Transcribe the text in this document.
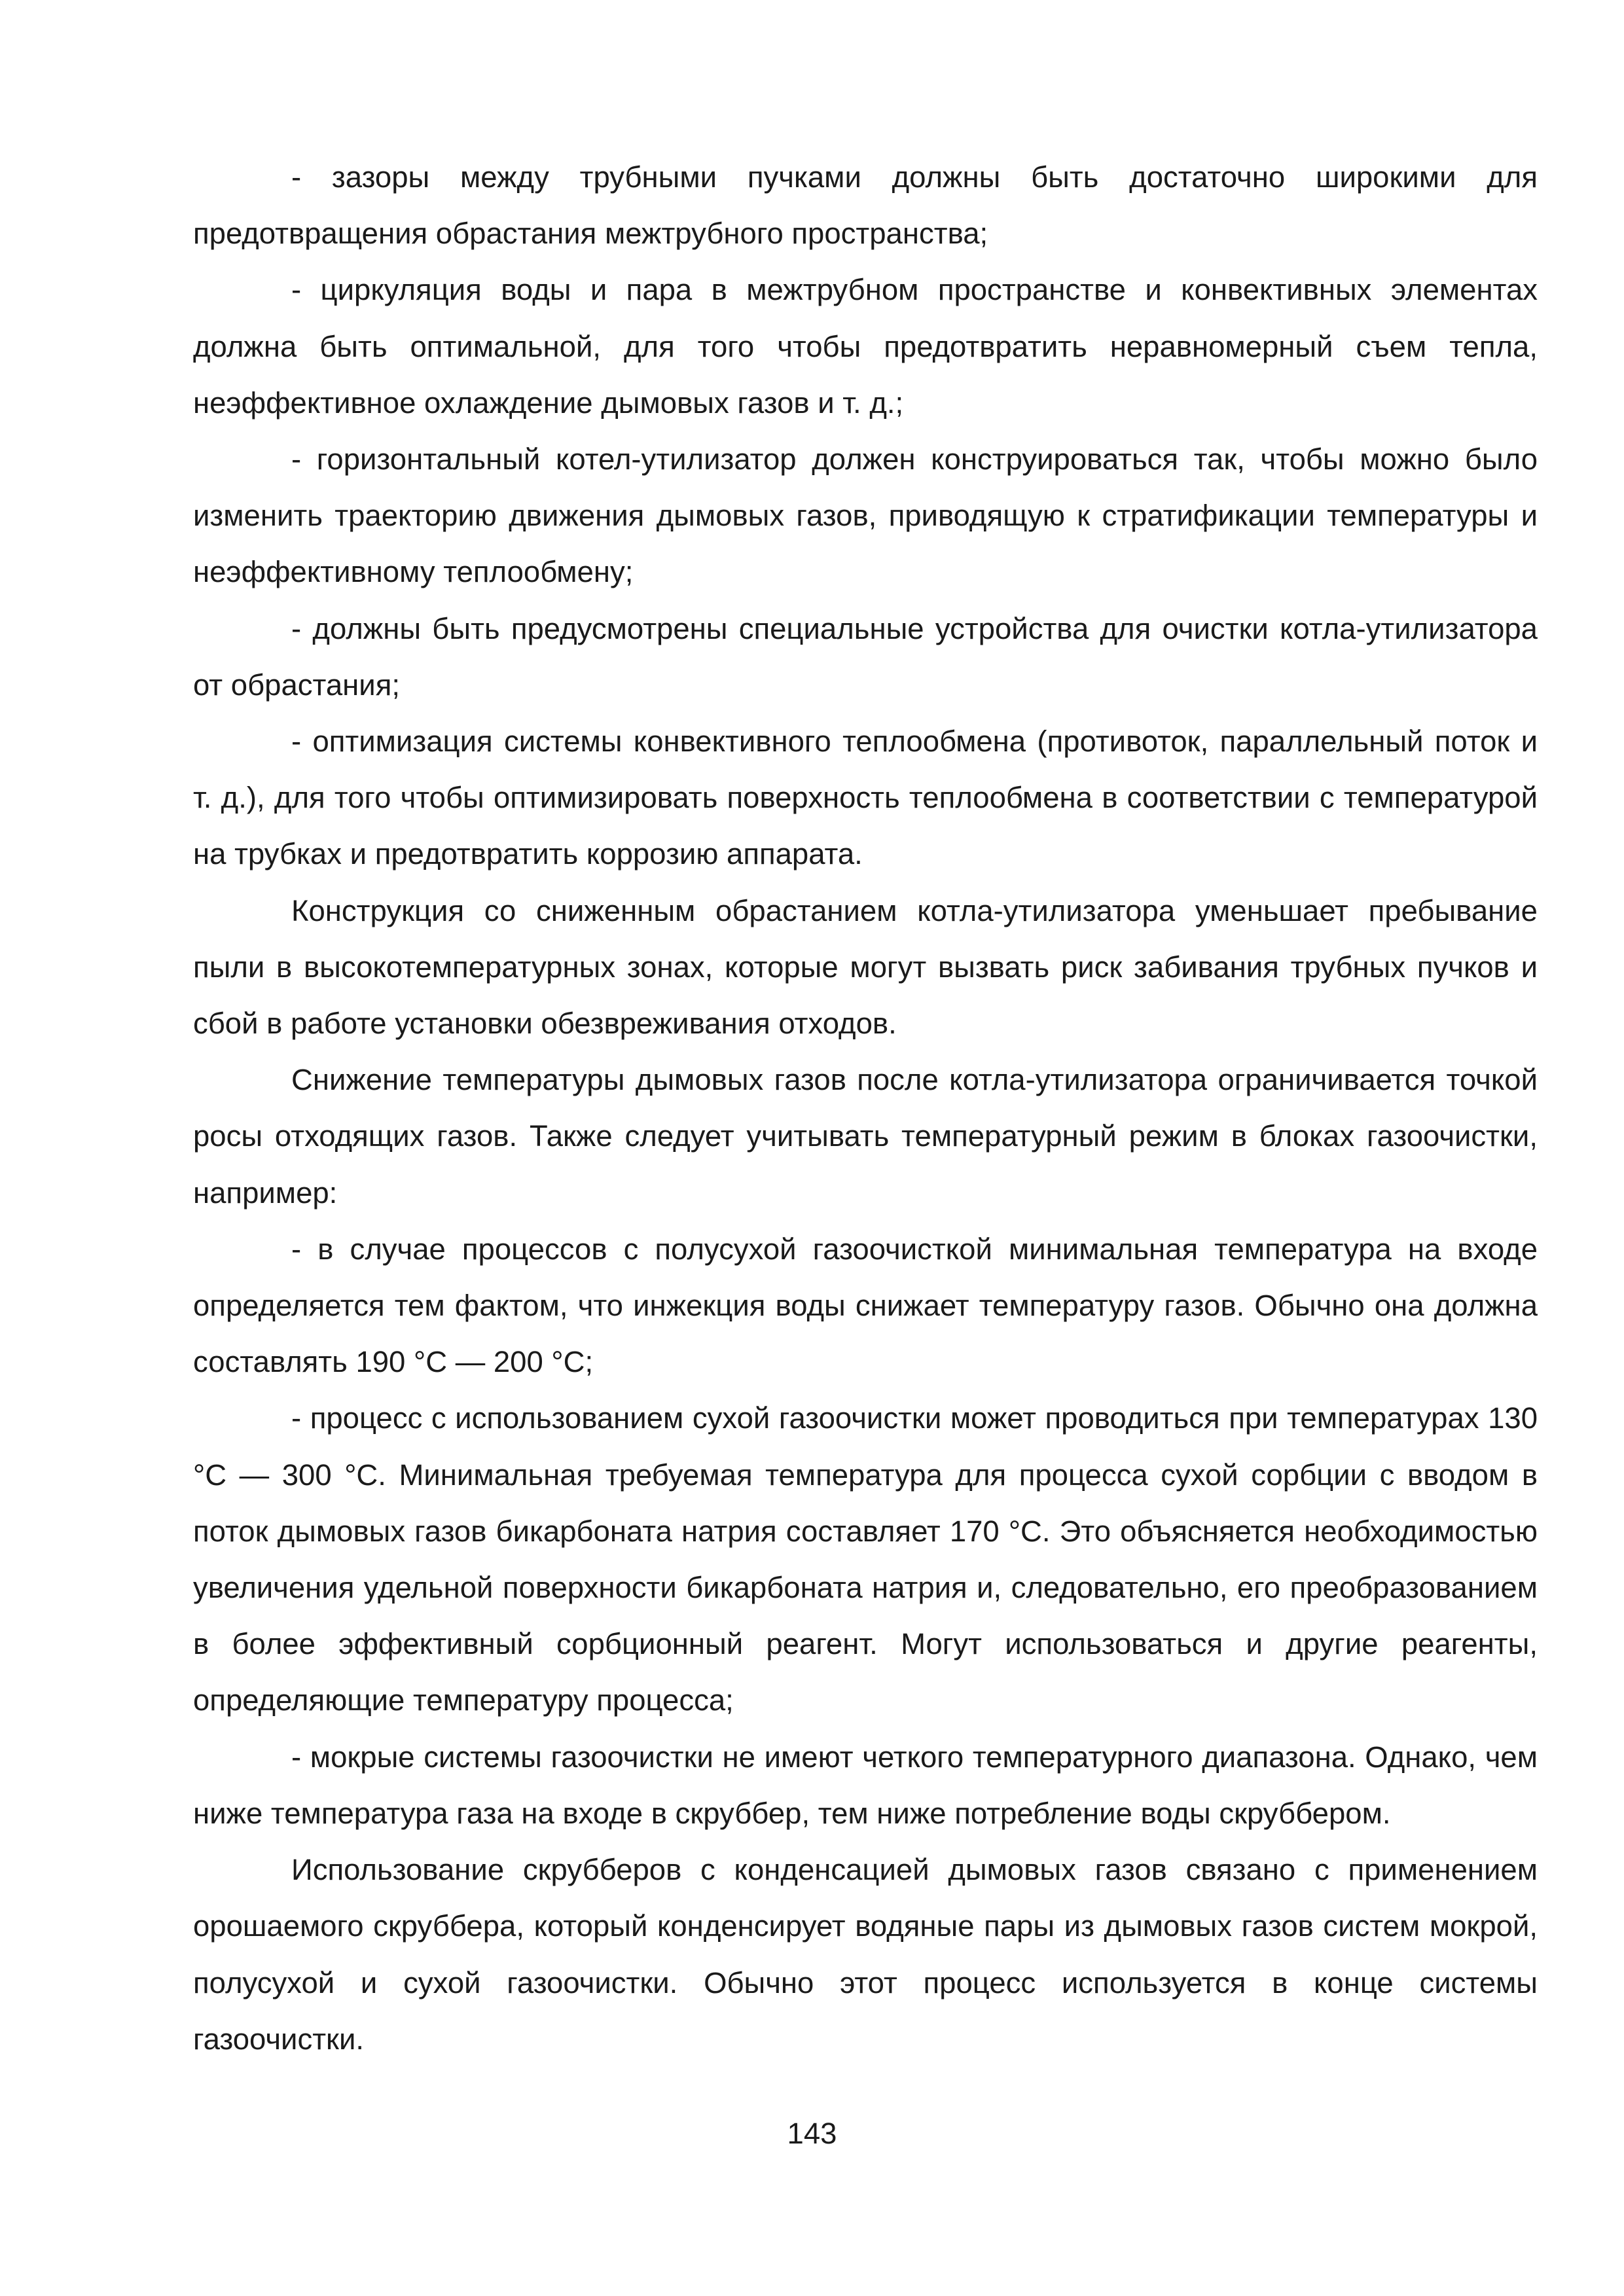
- зазоры между трубными пучками должны быть достаточно широкими для предотвращения обрастания межтрубного пространства;

- циркуляция воды и пара в межтрубном пространстве и конвективных элементах должна быть оптимальной, для того чтобы предотвратить неравномерный съем тепла, неэффективное охлаждение дымовых газов и т. д.;

- горизонтальный котел-утилизатор должен конструироваться так, чтобы можно было изменить траекторию движения дымовых газов, приводящую к стратификации температуры и неэффективному теплообмену;

- должны быть предусмотрены специальные устройства для очистки котла-утилизатора от обрастания;

- оптимизация системы конвективного теплообмена (противоток, параллельный поток и т. д.), для того чтобы оптимизировать поверхность теплообмена в соответствии с температурой на трубках и предотвратить коррозию аппарата.

Конструкция со сниженным обрастанием котла-утилизатора уменьшает пребывание пыли в высокотемпературных зонах, которые могут вызвать риск забивания трубных пучков и сбой в работе установки обезвреживания отходов.

Снижение температуры дымовых газов после котла-утилизатора ограничивается точкой росы отходящих газов. Также следует учитывать температурный режим в блоках газоочистки, например:

- в случае процессов с полусухой газоочисткой минимальная температура на входе определяется тем фактом, что инжекция воды снижает температуру газов. Обычно она должна составлять 190 °С — 200 °С;

- процесс с использованием сухой газоочистки может проводиться при температурах 130 °С — 300 °С. Минимальная требуемая температура для процесса сухой сорбции с вводом в поток дымовых газов бикарбоната натрия составляет 170 °С. Это объясняется необходимостью увеличения удельной поверхности бикарбоната натрия и, следовательно, его преобразованием в более эффективный сорбционный реагент. Могут использоваться и другие реагенты, определяющие температуру процесса;

- мокрые системы газоочистки не имеют четкого температурного диапазона. Однако, чем ниже температура газа на входе в скруббер, тем ниже потребление воды скруббером.

Использование скрубберов с конденсацией дымовых газов связано с применением орошаемого скруббера, который конденсирует водяные пары из дымовых газов систем мокрой, полусухой и сухой газоочистки. Обычно этот процесс используется в конце системы газоочистки.

143
